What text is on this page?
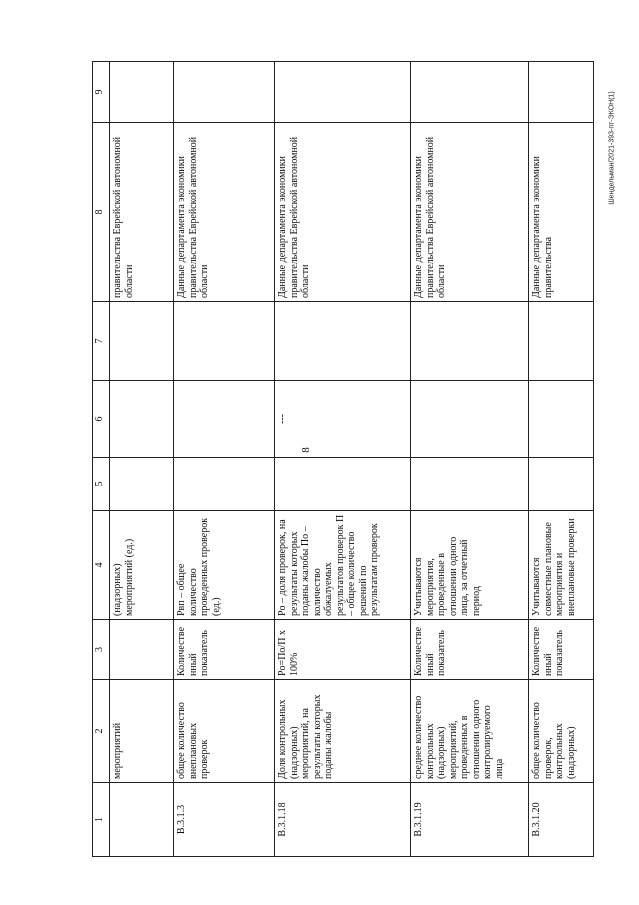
8
Шендельман/2021-393-пт-ЭКОН(1)
1	2	3	4	5	6	7	8	9
	мероприятий		(надзорных) мероприятий (ед.)				правительства Еврейской автономной области	
В.3.1.3	общее количество внеплановых проверок	Количественный показатель	Pвп – общее количество проведенных проверок (ед.)				Данные департамента экономики правительства Еврейской автономной области	
В.3.1.18	Доля контрольных (надзорных) мероприятий, на результаты которых поданы жалобы	Pо=По/П x 100%	Pо – доля проверок, на результаты которых поданы жалобы Пo – количество обжалуемых результатов проверок П – общее количество решений по результатам проверок		---		Данные департамента экономики правительства Еврейской автономной области	
В.3.1.19	среднее количество контрольных (надзорных) мероприятий, проведенных в отношении одного контролируемого лица	Количественный показатель	Учитываются мероприятия, проведенные в отношении одного лица, за отчетный период				Данные департамента экономики правительства Еврейской автономной области	
В.3.1.20	общее количество проверок, контрольных (надзорных)	Количественный показатель	Учитываются совместные плановые мероприятия и внеплановые проверки				Данные департамента экономики правительства	
